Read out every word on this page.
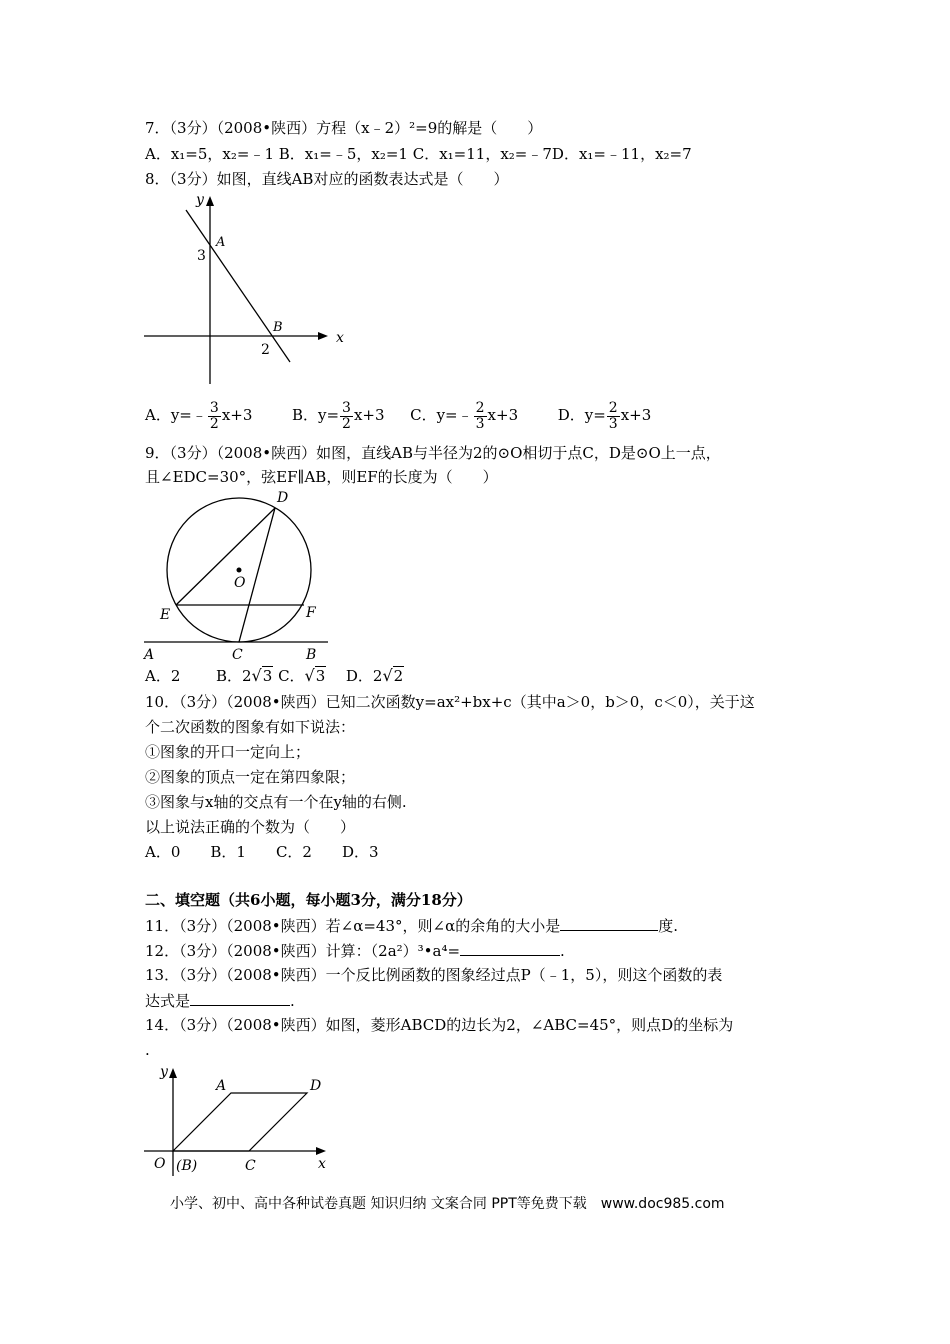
7．（3分）（2008•陕西）方程（x﹣2）²=9的解是（　　）
A．x₁=5，x₂=﹣1 B．x₁=﹣5，x₂=1 C．x₁=11，x₂=﹣7D．x₁=﹣11，x₂=7
8．（3分）如图，直线AB对应的函数表达式是（　　）
y
x
A
3
B
2
A．y=﹣ $\frac{3}{2} x+3$	B．$y= \frac{3}{2} x+3$ C．y=﹣ $\frac{2}{3} x+3$	D．$y= \frac{2}{3} x+3$
9．（3分）（2008•陕西）如图，直线AB与半径为2的⊙O相切于点C，D是⊙O上一点，
且∠EDC=30°，弦EF∥AB，则EF的长度为（　　）
D
O
E	F
A	C	B
A．2 B．2√3 C．√3 D．2√2
10．（3分）（2008•陕西）已知二次函数y=ax²+bx+c（其中a＞0，b＞0，c＜0），关于这
个二次函数的图象有如下说法：
①图象的开口一定向上；
②图象的顶点一定在第四象限；
③图象与x轴的交点有一个在y轴的右侧.
以上说法正确的个数为（　　）
A．0　　B．1　　C．2　　D．3
二、填空题（共6小题，每小题3分，满分18分）
11．（3分）（2008•陕西）若∠α=43°，则∠α的余角的大小是	度.
12．（3分）（2008•陕西）计算：（2a²）³•a⁴=	.
13．（3分）（2008•陕西）一个反比例函数的图象经过点P（﹣1，5），则这个函数的表
达式是	.
14．（3分）（2008•陕西）如图，菱形ABCD的边长为2，∠ABC=45°，则点D的坐标为
.
y
x
O (B)
A	D
C
小学、初中、高中各种试卷真题 知识归纳 文案合同 PPT等免费下载　www.doc985.com
